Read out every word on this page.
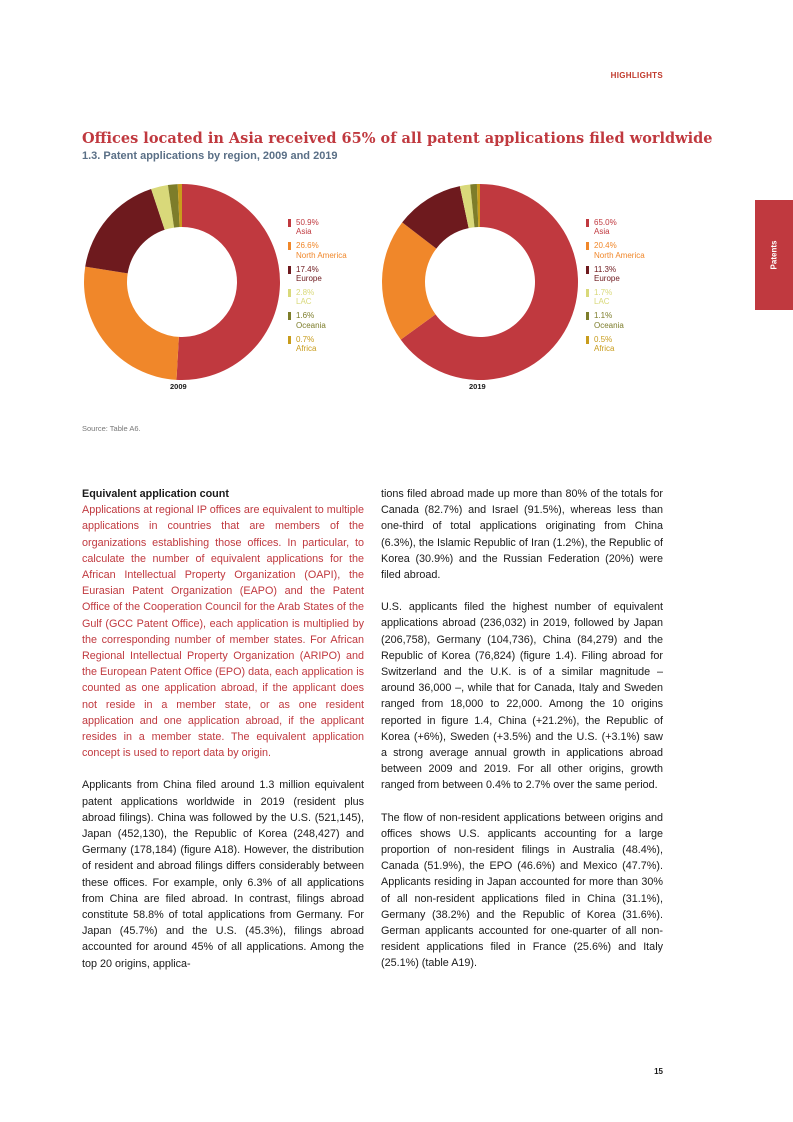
HIGHLIGHTS
Patents
Offices located in Asia received 65% of all patent applications filed worldwide
1.3. Patent applications by region, 2009 and 2019
50.9%
Asia
26.6%
North America
17.4%
Europe
2.8%
LAC
1.6%
Oceania
0.7%
Africa
2009
65.0%
Asia
20.4%
North America
11.3%
Europe
1.7%
LAC
1.1%
Oceania
0.5%
Africa
2019
Source: Table A6.
Equivalent application count

Applications at regional IP offices are equivalent to multiple applications in countries that are members of the organizations establishing those offices. In particular, to calculate the number of equivalent applications for the African Intellectual Property Organization (OAPI), the Eurasian Patent Organization (EAPO) and the Patent Office of the Cooperation Council for the Arab States of the Gulf (GCC Patent Office), each application is multiplied by the corresponding number of member states. For African Regional Intellectual Property Organization (ARIPO) and the European Patent Office (EPO) data, each application is counted as one application abroad, if the applicant does not reside in a member state, or as one resident application and one application abroad, if the applicant resides in a member state. The equivalent application concept is used to report data by origin.

Applicants from China filed around 1.3 million equivalent patent applications worldwide in 2019 (resident plus abroad filings). China was followed by the U.S. (521,145), Japan (452,130), the Republic of Korea (248,427) and Germany (178,184) (figure A18). However, the distribution of resident and abroad filings differs considerably between these offices. For example, only 6.3% of all applications from China are filed abroad. In contrast, filings abroad constitute 58.8% of total applications from Germany. For Japan (45.7%) and the U.S. (45.3%), filings abroad accounted for around 45% of all applications. Among the top 20 origins, applica-

tions filed abroad made up more than 80% of the totals for Canada (82.7%) and Israel (91.5%), whereas less than one-third of total applications originating from China (6.3%), the Islamic Republic of Iran (1.2%), the Republic of Korea (30.9%) and the Russian Federation (20%) were filed abroad.

U.S. applicants filed the highest number of equivalent applications abroad (236,032) in 2019, followed by Japan (206,758), Germany (104,736), China (84,279) and the Republic of Korea (76,824) (figure 1.4). Filing abroad for Switzerland and the U.K. is of a similar magnitude – around 36,000 –, while that for Canada, Italy and Sweden ranged from 18,000 to 22,000. Among the 10 origins reported in figure 1.4, China (+21.2%), the Republic of Korea (+6%), Sweden (+3.5%) and the U.S. (+3.1%) saw a strong average annual growth in applications abroad between 2009 and 2019. For all other origins, growth ranged from between 0.4% to 2.7% over the same period.

The flow of non-resident applications between origins and offices shows U.S. applicants accounting for a large proportion of non-resident filings in Australia (48.4%), Canada (51.9%), the EPO (46.6%) and Mexico (47.7%). Applicants residing in Japan accounted for more than 30% of all non-resident applications filed in China (31.1%), Germany (38.2%) and the Republic of Korea (31.6%). German applicants accounted for one-quarter of all non-resident applications filed in France (25.6%) and Italy (25.1%) (table A19).

15
